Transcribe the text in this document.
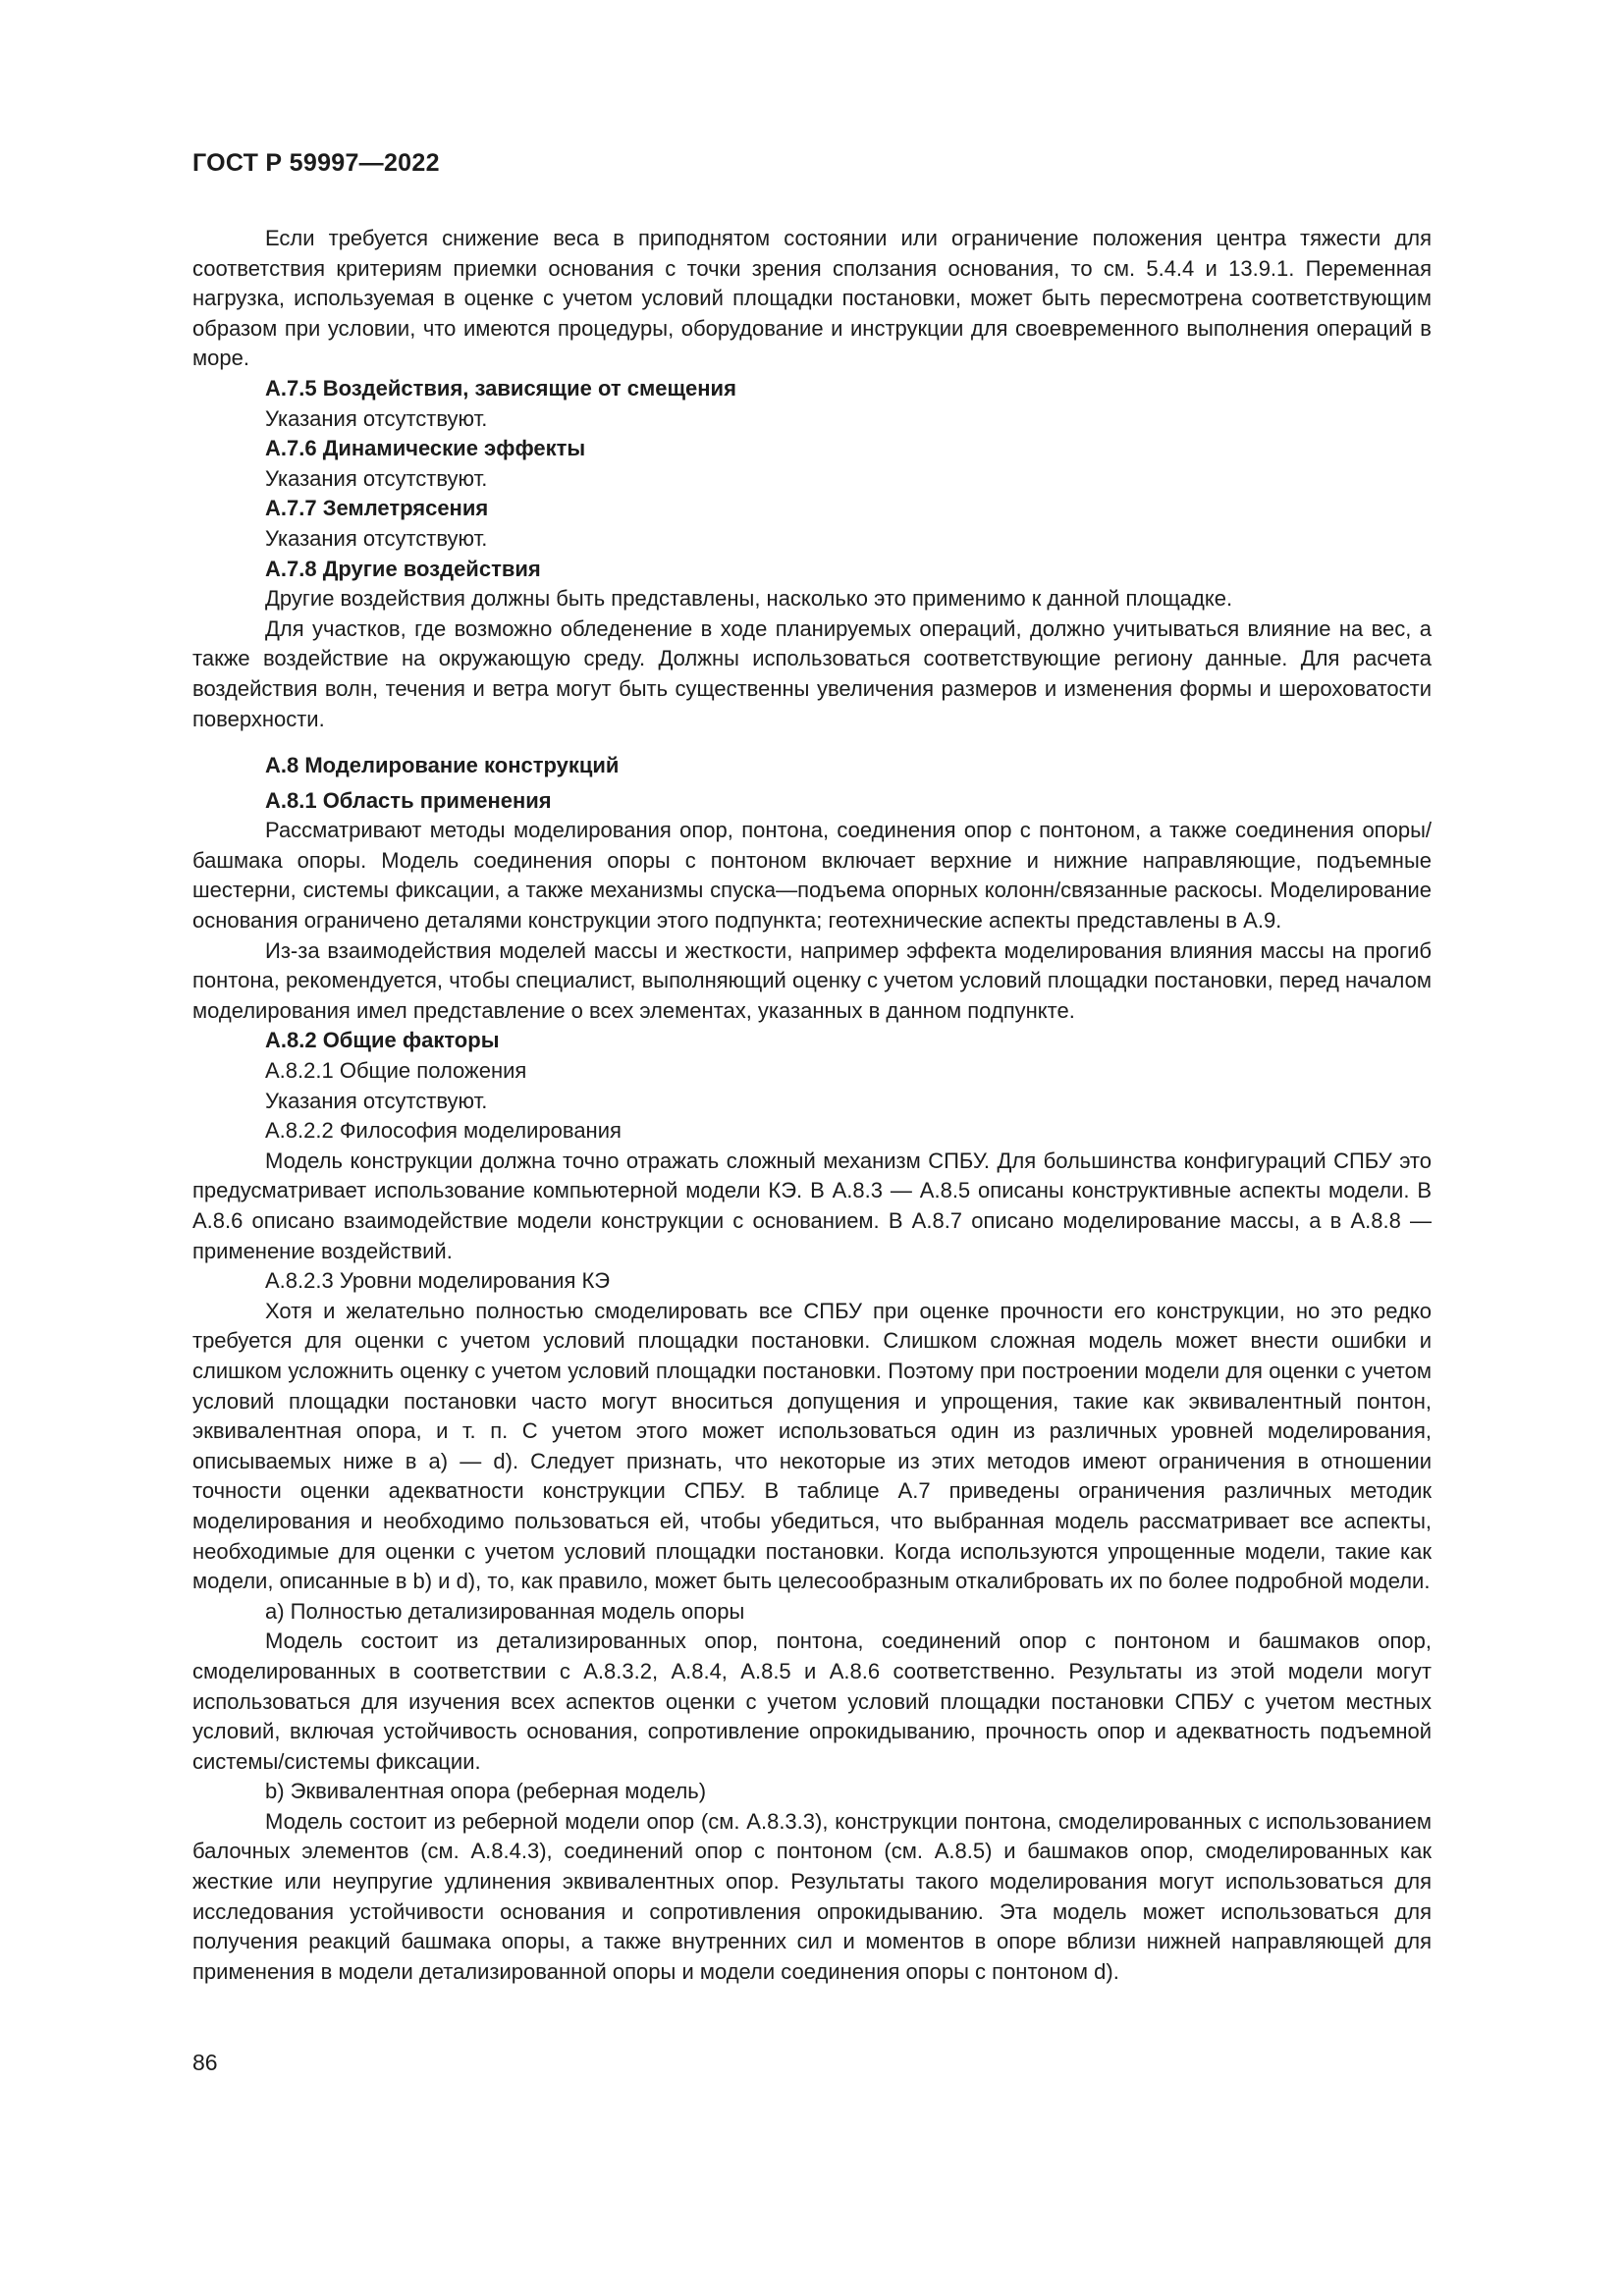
ГОСТ Р 59997—2022

Если требуется снижение веса в приподнятом состоянии или ограничение положения центра тяжести для соответствия критериям приемки основания с точки зрения сползания основания, то см. 5.4.4 и 13.9.1. Переменная нагрузка, используемая в оценке с учетом условий площадки постановки, может быть пересмотрена соответствующим образом при условии, что имеются процедуры, оборудование и инструкции для своевременного выполнения операций в море.

А.7.5 Воздействия, зависящие от смещения

Указания отсутствуют.

А.7.6 Динамические эффекты

Указания отсутствуют.

А.7.7 Землетрясения

Указания отсутствуют.

А.7.8 Другие воздействия

Другие воздействия должны быть представлены, насколько это применимо к данной площадке.

Для участков, где возможно обледенение в ходе планируемых операций, должно учитываться влияние на вес, а также воздействие на окружающую среду. Должны использоваться соответствующие региону данные. Для расчета воздействия волн, течения и ветра могут быть существенны увеличения размеров и изменения формы и шероховатости поверхности.

А.8 Моделирование конструкций

А.8.1 Область применения

Рассматривают методы моделирования опор, понтона, соединения опор с понтоном, а также соединения опоры/башмака опоры. Модель соединения опоры с понтоном включает верхние и нижние направляющие, подъемные шестерни, системы фиксации, а также механизмы спуска—подъема опорных колонн/связанные раскосы. Моделирование основания ограничено деталями конструкции этого подпункта; геотехнические аспекты представлены в А.9.

Из-за взаимодействия моделей массы и жесткости, например эффекта моделирования влияния массы на прогиб понтона, рекомендуется, чтобы специалист, выполняющий оценку с учетом условий площадки постановки, перед началом моделирования имел представление о всех элементах, указанных в данном подпункте.

А.8.2 Общие факторы

А.8.2.1 Общие положения

Указания отсутствуют.

А.8.2.2 Философия моделирования

Модель конструкции должна точно отражать сложный механизм СПБУ. Для большинства конфигураций СПБУ это предусматривает использование компьютерной модели КЭ. В А.8.3 — А.8.5 описаны конструктивные аспекты модели. В А.8.6 описано взаимодействие модели конструкции с основанием. В А.8.7 описано моделирование массы, а в А.8.8 — применение воздействий.

А.8.2.3 Уровни моделирования КЭ

Хотя и желательно полностью смоделировать все СПБУ при оценке прочности его конструкции, но это редко требуется для оценки с учетом условий площадки постановки. Слишком сложная модель может внести ошибки и слишком усложнить оценку с учетом условий площадки постановки. Поэтому при построении модели для оценки с учетом условий площадки постановки часто могут вноситься допущения и упрощения, такие как эквивалентный понтон, эквивалентная опора, и т. п. С учетом этого может использоваться один из различных уровней моделирования, описываемых ниже в а) — d). Следует признать, что некоторые из этих методов имеют ограничения в отношении точности оценки адекватности конструкции СПБУ. В таблице А.7 приведены ограничения различных методик моделирования и необходимо пользоваться ей, чтобы убедиться, что выбранная модель рассматривает все аспекты, необходимые для оценки с учетом условий площадки постановки. Когда используются упрощенные модели, такие как модели, описанные в b) и d), то, как правило, может быть целесообразным откалибровать их по более подробной модели.

а) Полностью детализированная модель опоры

Модель состоит из детализированных опор, понтона, соединений опор с понтоном и башмаков опор, смоделированных в соответствии с А.8.3.2, А.8.4, А.8.5 и А.8.6 соответственно. Результаты из этой модели могут использоваться для изучения всех аспектов оценки с учетом условий площадки постановки СПБУ с учетом местных условий, включая устойчивость основания, сопротивление опрокидыванию, прочность опор и адекватность подъемной системы/системы фиксации.

b) Эквивалентная опора (реберная модель)

Модель состоит из реберной модели опор (см. А.8.3.3), конструкции понтона, смоделированных с использованием балочных элементов (см. А.8.4.3), соединений опор с понтоном (см. А.8.5) и башмаков опор, смоделированных как жесткие или неупругие удлинения эквивалентных опор. Результаты такого моделирования могут использоваться для исследования устойчивости основания и сопротивления опрокидыванию. Эта модель может использоваться для получения реакций башмака опоры, а также внутренних сил и моментов в опоре вблизи нижней направляющей для применения в модели детализированной опоры и модели соединения опоры с понтоном d).

86
